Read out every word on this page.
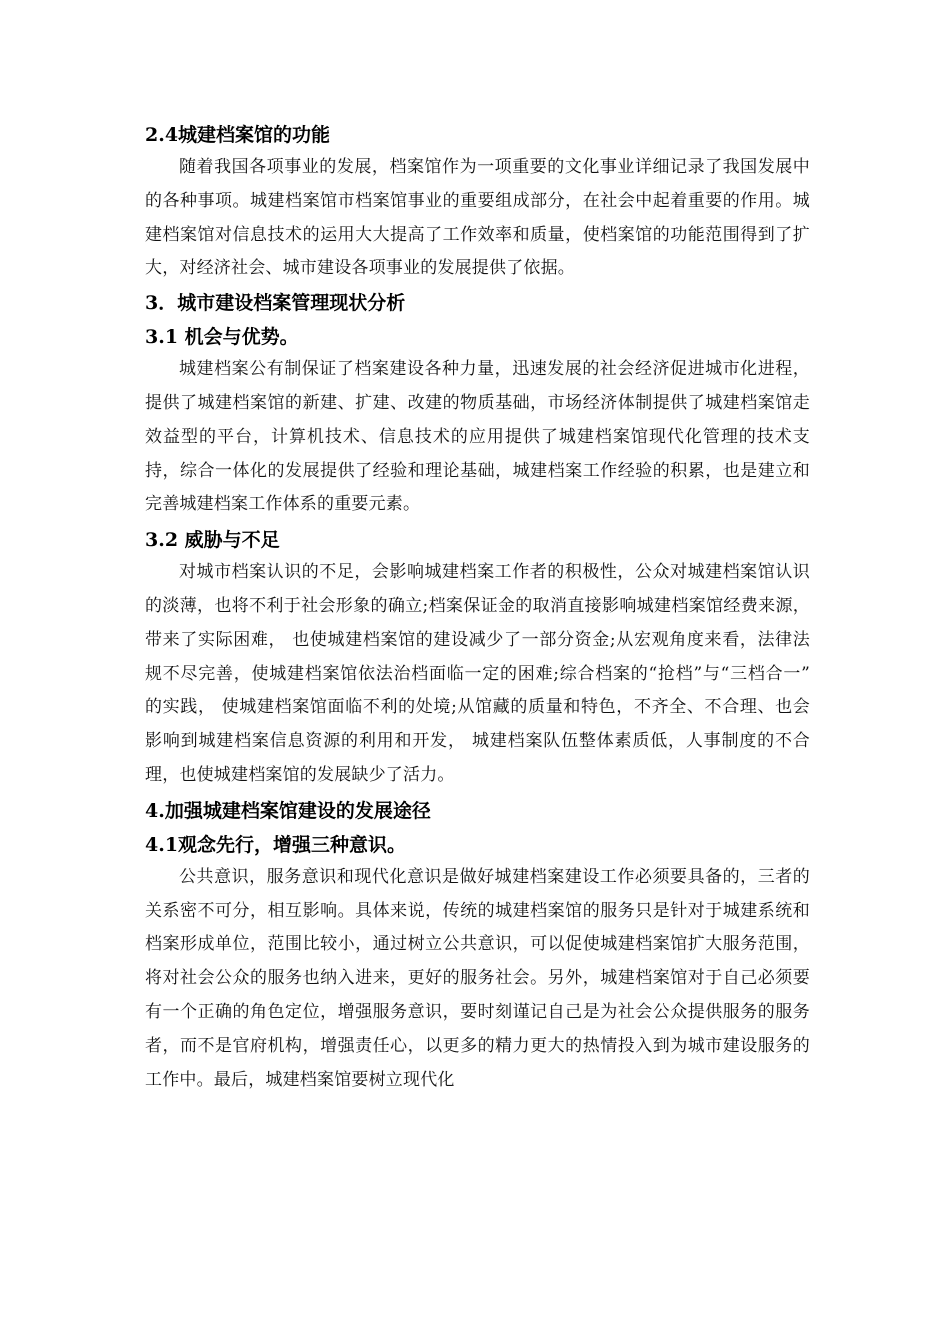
2.4城建档案馆的功能

随着我国各项事业的发展，档案馆作为一项重要的文化事业详细记录了我国发展中的各种事项。城建档案馆市档案馆事业的重要组成部分，在社会中起着重要的作用。城建档案馆对信息技术的运用大大提高了工作效率和质量，使档案馆的功能范围得到了扩大，对经济社会、城市建设各项事业的发展提供了依据。

3．城市建设档案管理现状分析
3.1 机会与优势。

城建档案公有制保证了档案建设各种力量，迅速发展的社会经济促进城市化进程，提供了城建档案馆的新建、扩建、改建的物质基础，市场经济体制提供了城建档案馆走效益型的平台，计算机技术、信息技术的应用提供了城建档案馆现代化管理的技术支持，综合一体化的发展提供了经验和理论基础，城建档案工作经验的积累，也是建立和完善城建档案工作体系的重要元素。

3.2 威胁与不足

对城市档案认识的不足，会影响城建档案工作者的积极性，公众对城建档案馆认识的淡薄，也将不利于社会形象的确立;档案保证金的取消直接影响城建档案馆经费来源，带来了实际困难， 也使城建档案馆的建设减少了一部分资金;从宏观角度来看，法律法规不尽完善，使城建档案馆依法治档面临一定的困难;综合档案的“抢档”与“三档合一” 的实践， 使城建档案馆面临不利的处境;从馆藏的质量和特色，不齐全、不合理、也会影响到城建档案信息资源的利用和开发， 城建档案队伍整体素质低，人事制度的不合理，也使城建档案馆的发展缺少了活力。

4.加强城建档案馆建设的发展途径
4.1观念先行，增强三种意识。

公共意识，服务意识和现代化意识是做好城建档案建设工作必须要具备的，三者的关系密不可分，相互影响。具体来说，传统的城建档案馆的服务只是针对于城建系统和档案形成单位，范围比较小，通过树立公共意识，可以促使城建档案馆扩大服务范围，将对社会公众的服务也纳入进来，更好的服务社会。另外，城建档案馆对于自己必须要有一个正确的角色定位，增强服务意识，要时刻谨记自己是为社会公众提供服务的服务者，而不是官府机构，增强责任心，以更多的精力更大的热情投入到为城市建设服务的工作中。最后，城建档案馆要树立现代化
